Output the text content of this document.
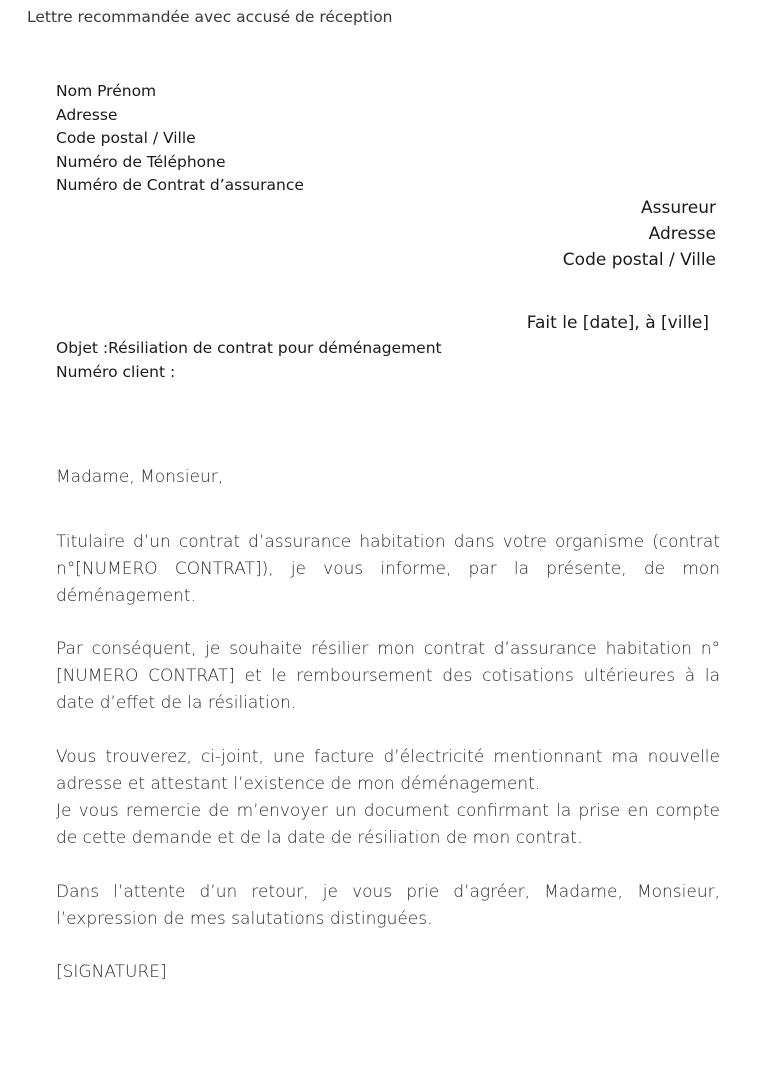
Lettre recommandée avec accusé de réception
Nom Prénom
Adresse
Code postal / Ville
Numéro de Téléphone
Numéro de Contrat d’assurance
Assureur
Adresse
Code postal / Ville
Fait le [date], à [ville]
Objet :Résiliation de contrat pour déménagement
Numéro client :

Madame, Monsieur,

Titulaire d’un contrat d’assurance habitation dans votre organisme (contrat n°[NUMERO CONTRAT]), je vous informe, par la présente, de mon déménagement.

Par conséquent, je souhaite résilier mon contrat d’assurance habitation n° [NUMERO CONTRAT] et le remboursement des cotisations ultérieures à la date d’effet de la résiliation.

Vous trouverez, ci-joint, une facture d’électricité mentionnant ma nouvelle adresse et attestant l’existence de mon déménagement.

Je vous remercie de m’envoyer un document confirmant la prise en compte de cette demande et de la date de résiliation de mon contrat.

Dans l’attente d’un retour, je vous prie d’agréer, Madame, Monsieur, l’expression de mes salutations distinguées.

[SIGNATURE]
